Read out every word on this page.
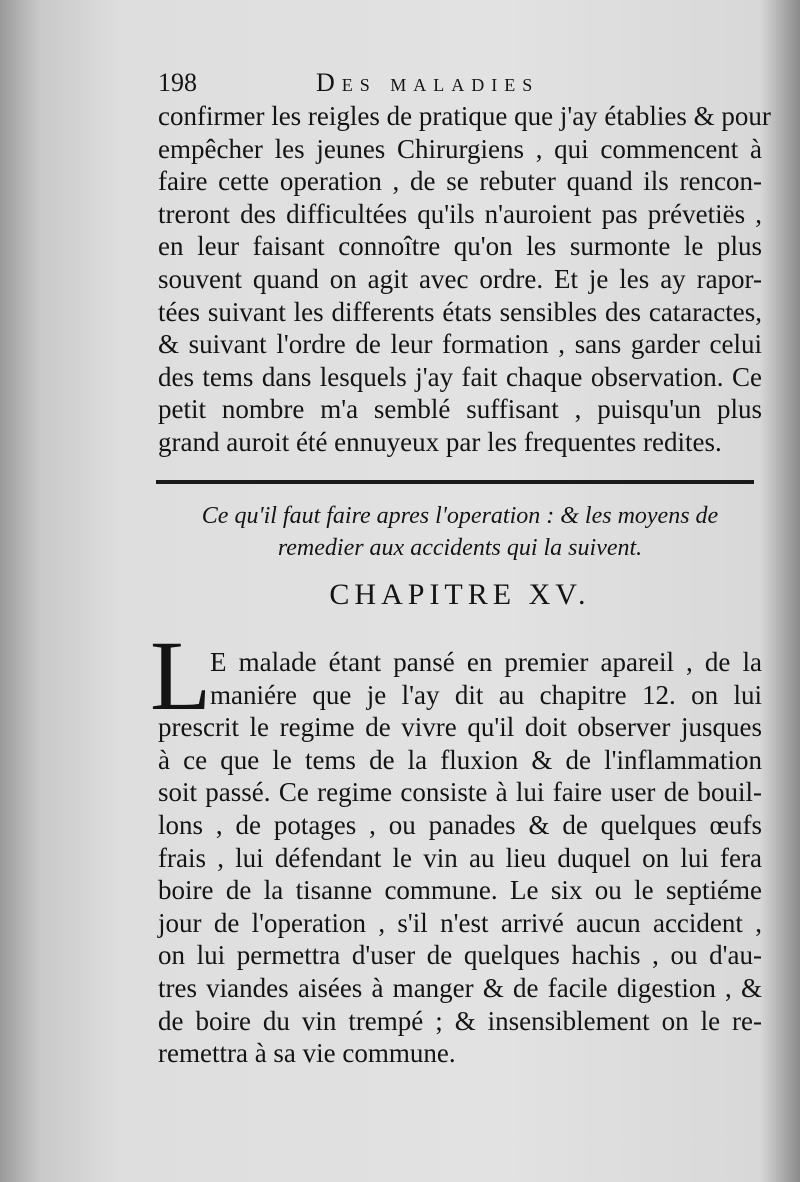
198	Des maladies
confirmer les reigles de pratique que j'ay établies & pour
empêcher les jeunes Chirurgiens , qui commencent à
faire cette operation , de se rebuter quand ils rencon-
treront des difficultées qu'ils n'auroient pas prévetiës ,
en leur faisant connoître qu'on les surmonte le plus
souvent quand on agit avec ordre. Et je les ay rapor-
tées suivant les differents états sensibles des cataractes,
& suivant l'ordre de leur formation , sans garder celui
des tems dans lesquels j'ay fait chaque observation. Ce
petit nombre m'a semblé suffisant , puisqu'un plus
grand auroit été ennuyeux par les frequentes redites.
Ce qu'il faut faire apres l'operation : & les moyens de
remedier aux accidents qui la suivent.
CHAPITRE XV.
L
E malade étant pansé en premier apareil , de la
maniére que je l'ay dit au chapitre 12. on lui
prescrit le regime de vivre qu'il doit observer jusques
à ce que le tems de la fluxion & de l'inflammation
soit passé. Ce regime consiste à lui faire user de bouil-
lons , de potages , ou panades & de quelques œufs
frais , lui défendant le vin au lieu duquel on lui fera
boire de la tisanne commune. Le six ou le septiéme
jour de l'operation , s'il n'est arrivé aucun accident ,
on lui permettra d'user de quelques hachis , ou d'au-
tres viandes aisées à manger & de facile digestion , &
de boire du vin trempé ; & insensiblement on le re-
remettra à sa vie commune.
